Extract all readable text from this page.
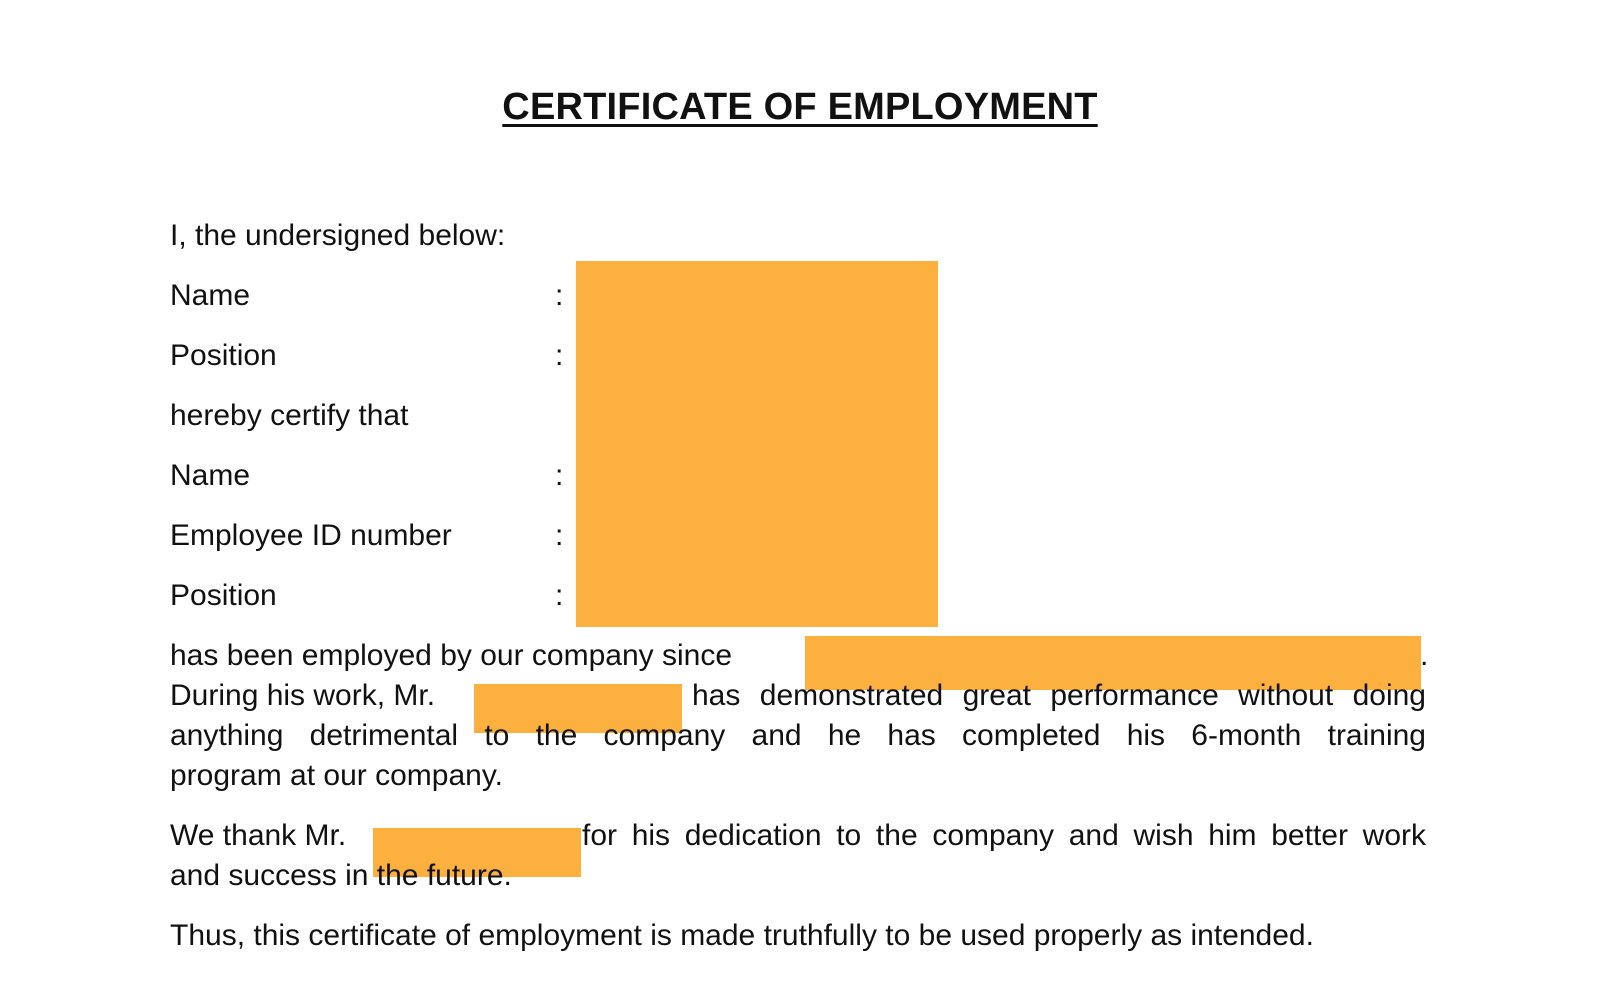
CERTIFICATE OF EMPLOYMENT
I, the undersigned below:
Name	:
Position	:
hereby certify that
Name	:
Employee ID number	:
Position	:
has been employed by our company since	.
During his work, Mr.	has demonstrated great performance without doing
anything detrimental to the company and he has completed his 6-month training
program at our company.
We thank Mr.	for his dedication to the company and wish him better work
and success in the future.
Thus, this certificate of employment is made truthfully to be used properly as intended.
